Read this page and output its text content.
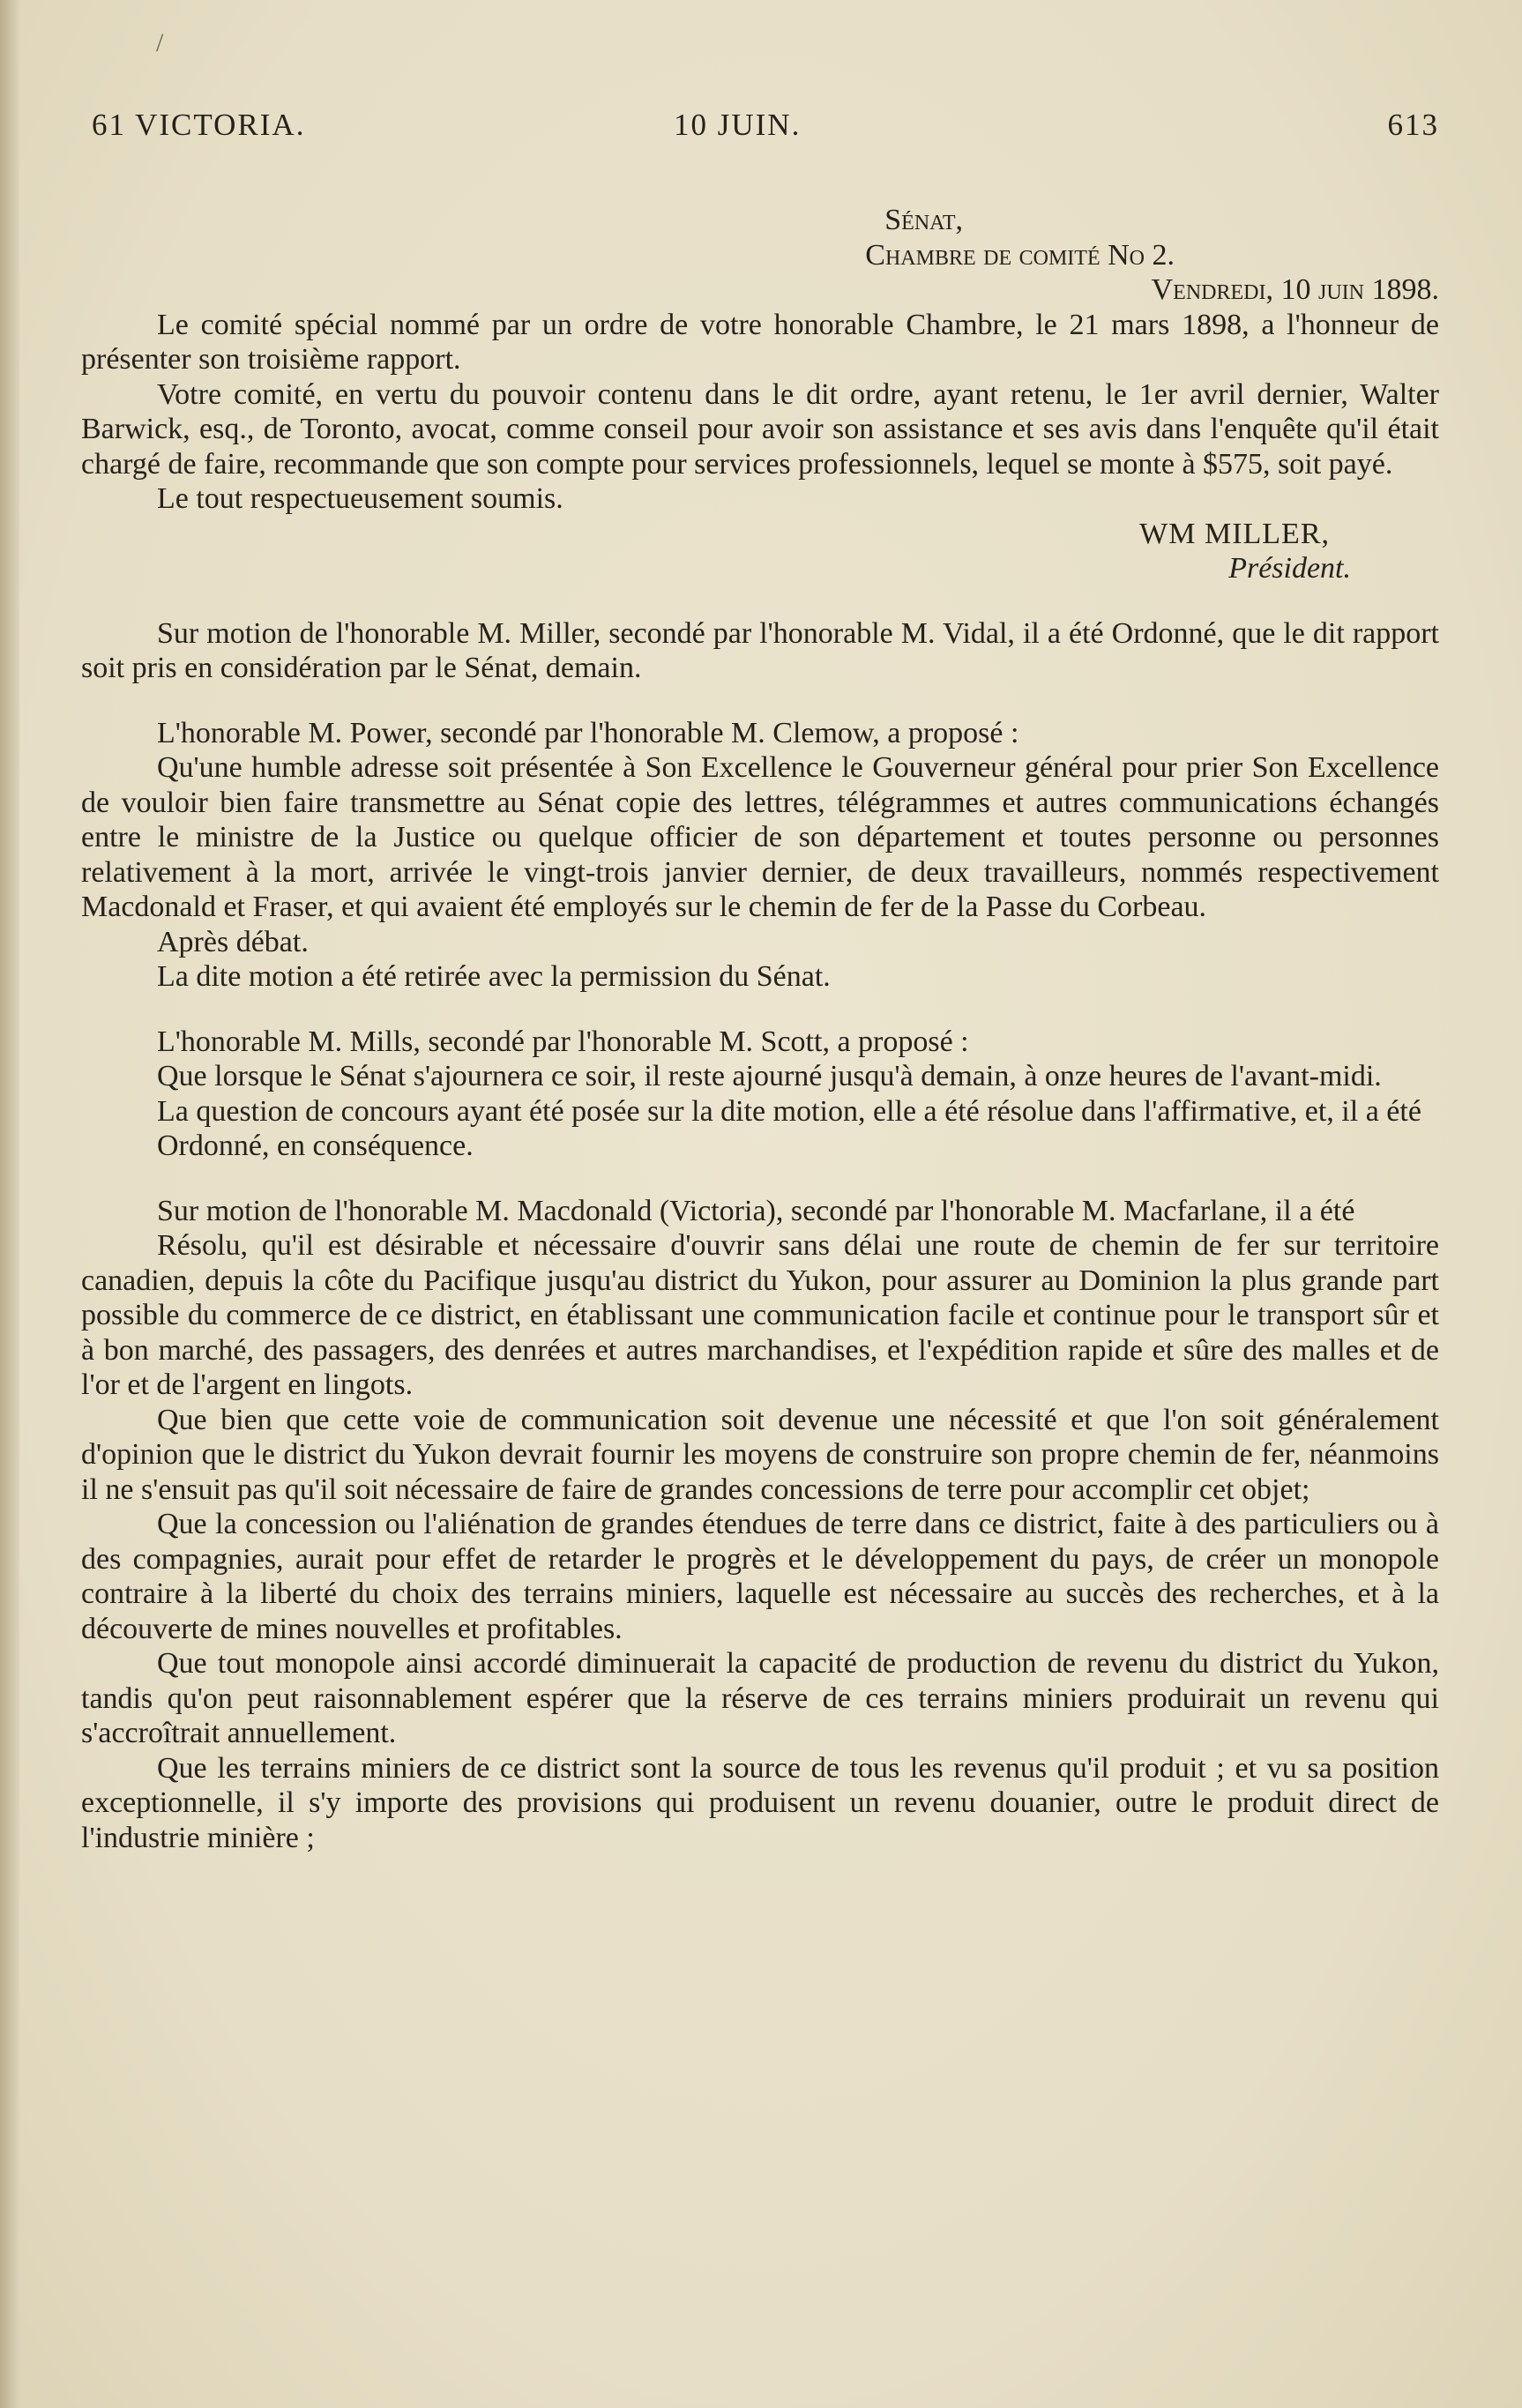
/
61 VICTORIA.	10 JUIN.	613
Sénat,
Chambre de comité No 2.
Vendredi, 10 juin 1898.

Le comité spécial nommé par un ordre de votre honorable Chambre, le 21 mars 1898, a l'honneur de présenter son troisième rapport.

Votre comité, en vertu du pouvoir contenu dans le dit ordre, ayant retenu, le 1er avril dernier, Walter Barwick, esq., de Toronto, avocat, comme conseil pour avoir son assistance et ses avis dans l'enquête qu'il était chargé de faire, recommande que son compte pour services professionnels, lequel se monte à $575, soit payé.

Le tout respectueusement soumis.

WM MILLER,
Président.

Sur motion de l'honorable M. Miller, secondé par l'honorable M. Vidal, il a été Ordonné, que le dit rapport soit pris en considération par le Sénat, demain.

L'honorable M. Power, secondé par l'honorable M. Clemow, a proposé :

Qu'une humble adresse soit présentée à Son Excellence le Gouverneur général pour prier Son Excellence de vouloir bien faire transmettre au Sénat copie des lettres, télégrammes et autres communications échangés entre le ministre de la Justice ou quelque officier de son département et toutes personne ou personnes relativement à la mort, arrivée le vingt-trois janvier dernier, de deux travailleurs, nommés respectivement Macdonald et Fraser, et qui avaient été employés sur le chemin de fer de la Passe du Corbeau.

Après débat.

La dite motion a été retirée avec la permission du Sénat.

L'honorable M. Mills, secondé par l'honorable M. Scott, a proposé :

Que lorsque le Sénat s'ajournera ce soir, il reste ajourné jusqu'à demain, à onze heures de l'avant-midi.

La question de concours ayant été posée sur la dite motion, elle a été résolue dans l'affirmative, et, il a été

Ordonné, en conséquence.

Sur motion de l'honorable M. Macdonald (Victoria), secondé par l'honorable M. Macfarlane, il a été

Résolu, qu'il est désirable et nécessaire d'ouvrir sans délai une route de chemin de fer sur territoire canadien, depuis la côte du Pacifique jusqu'au district du Yukon, pour assurer au Dominion la plus grande part possible du commerce de ce district, en établissant une communication facile et continue pour le transport sûr et à bon marché, des passagers, des denrées et autres marchandises, et l'expédition rapide et sûre des malles et de l'or et de l'argent en lingots.

Que bien que cette voie de communication soit devenue une nécessité et que l'on soit généralement d'opinion que le district du Yukon devrait fournir les moyens de construire son propre chemin de fer, néanmoins il ne s'ensuit pas qu'il soit nécessaire de faire de grandes concessions de terre pour accomplir cet objet;

Que la concession ou l'aliénation de grandes étendues de terre dans ce district, faite à des particuliers ou à des compagnies, aurait pour effet de retarder le progrès et le développement du pays, de créer un monopole contraire à la liberté du choix des terrains miniers, laquelle est nécessaire au succès des recherches, et à la découverte de mines nouvelles et profitables.

Que tout monopole ainsi accordé diminuerait la capacité de production de revenu du district du Yukon, tandis qu'on peut raisonnablement espérer que la réserve de ces terrains miniers produirait un revenu qui s'accroîtrait annuellement.

Que les terrains miniers de ce district sont la source de tous les revenus qu'il produit ; et vu sa position exceptionnelle, il s'y importe des provisions qui produisent un revenu douanier, outre le produit direct de l'industrie minière ;
